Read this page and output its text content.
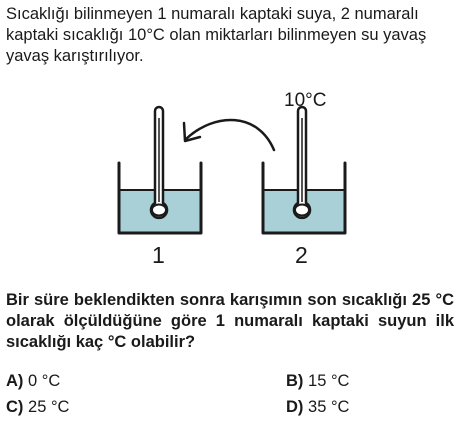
Sıcaklığı bilinmeyen 1 numaralı kaptaki suya, 2 numaralı kaptaki sıcaklığı 10°C olan miktarları bilinmeyen su yavaş yavaş karıştırılıyor.

10°C
1	2

Bir süre beklendikten sonra karışımın son sıcaklığı 25 °C olarak ölçüldüğüne göre 1 numaralı kaptaki suyun ilk sıcaklığı kaç °C olabilir?

A) 0 °C	B) 15 °C
C) 25 °C	D) 35 °C
